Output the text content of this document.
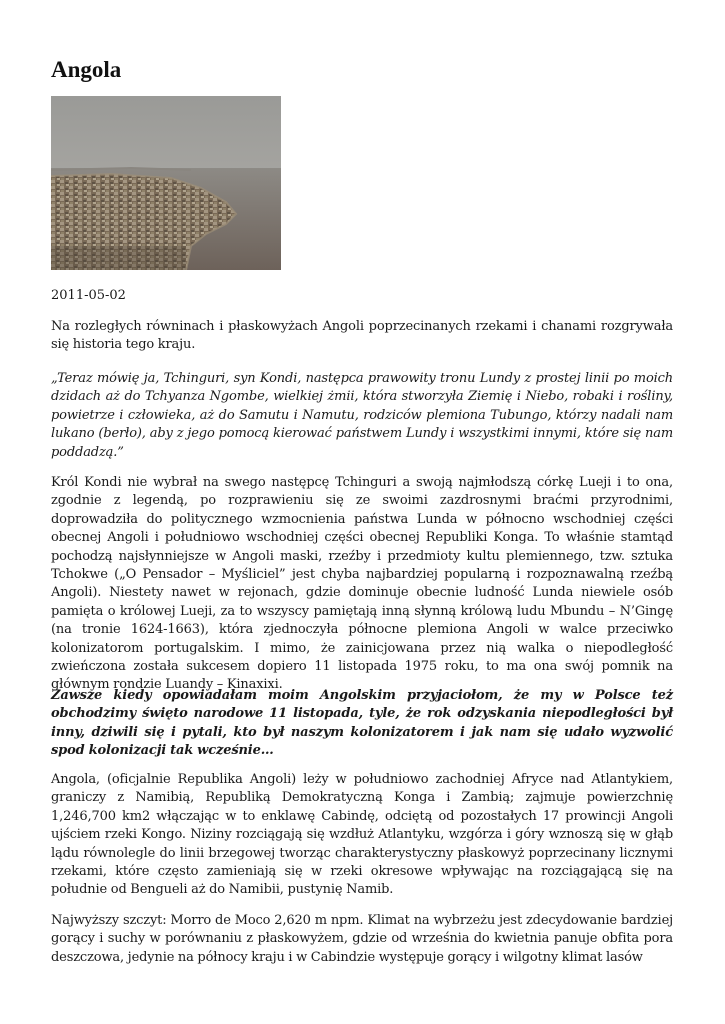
Angola

2011-05-02

Na rozległych równinach i płaskowyżach Angoli poprzecinanych rzekami i chanami rozgrywała się historia tego kraju.

„Teraz mówię ja, Tchinguri, syn Kondi, następca prawowity tronu Lundy z prostej linii po moich dzidach aż do Tchyanza Ngombe, wielkiej żmii, która stworzyła Ziemię i Niebo, robaki i rośliny, powietrze i człowieka, aż do Samutu i Namutu, rodziców plemiona Tubungo, którzy nadali nam lukano (berło), aby z jego pomocą kierować państwem Lundy i wszystkimi innymi, które się nam poddadzą.”

Król Kondi nie wybrał na swego następcę Tchinguri a swoją najmłodszą córkę Lueji i to ona, zgodnie z legendą, po rozprawieniu się ze swoimi zazdrosnymi braćmi przyrodnimi, doprowadziła do politycznego wzmocnienia państwa Lunda w północno wschodniej części obecnej Angoli i południowo wschodniej części obecnej Republiki Konga. To właśnie stamtąd pochodzą najsłynniejsze w Angoli maski, rzeźby i przedmioty kultu plemiennego, tzw. sztuka Tchokwe („O Pensador – Myśliciel” jest chyba najbardziej popularną i rozpoznawalną rzeźbą Angoli). Niestety nawet w rejonach, gdzie dominuje obecnie ludność Lunda niewiele osób pamięta o królowej Lueji, za to wszyscy pamiętają inną słynną królową ludu Mbundu – N’Gingę (na tronie 1624-1663), która zjednoczyła północne plemiona Angoli w walce przeciwko kolonizatorom portugalskim. I mimo, że zainicjowana przez nią walka o niepodległość zwieńczona została sukcesem dopiero 11 listopada 1975 roku, to ma ona swój pomnik na głównym rondzie Luandy – Kinaxixi.

Zawsze kiedy opowiadałam moim Angolskim przyjaciołom, że my w Polsce też obchodzimy święto narodowe 11 listopada, tyle, że rok odzyskania niepodległości był inny, dziwili się i pytali, kto był naszym kolonizatorem i jak nam się udało wyzwolić spod kolonizacji tak wcześnie…

Angola, (oficjalnie Republika Angoli) leży w południowo zachodniej Afryce nad Atlantykiem, graniczy z Namibią, Republiką Demokratyczną Konga i Zambią; zajmuje powierzchnię 1,246,700 km2 włączając w to enklawę Cabindę, odciętą od pozostałych 17 prowincji Angoli ujściem rzeki Kongo. Niziny rozciągają się wzdłuż Atlantyku, wzgórza i góry wznoszą się w głąb lądu równolegle do linii brzegowej tworząc charakterystyczny płaskowyż poprzecinany licznymi rzekami, które często zamieniają się w rzeki okresowe wpływając na rozciągającą się na południe od Bengueli aż do Namibii, pustynię Namib.

Najwyższy szczyt: Morro de Moco 2,620 m npm. Klimat na wybrzeżu jest zdecydowanie bardziej gorący i suchy w porównaniu z płaskowyżem, gdzie od września do kwietnia panuje obfita pora deszczowa, jedynie na północy kraju i w Cabindzie występuje gorący i wilgotny klimat lasów
